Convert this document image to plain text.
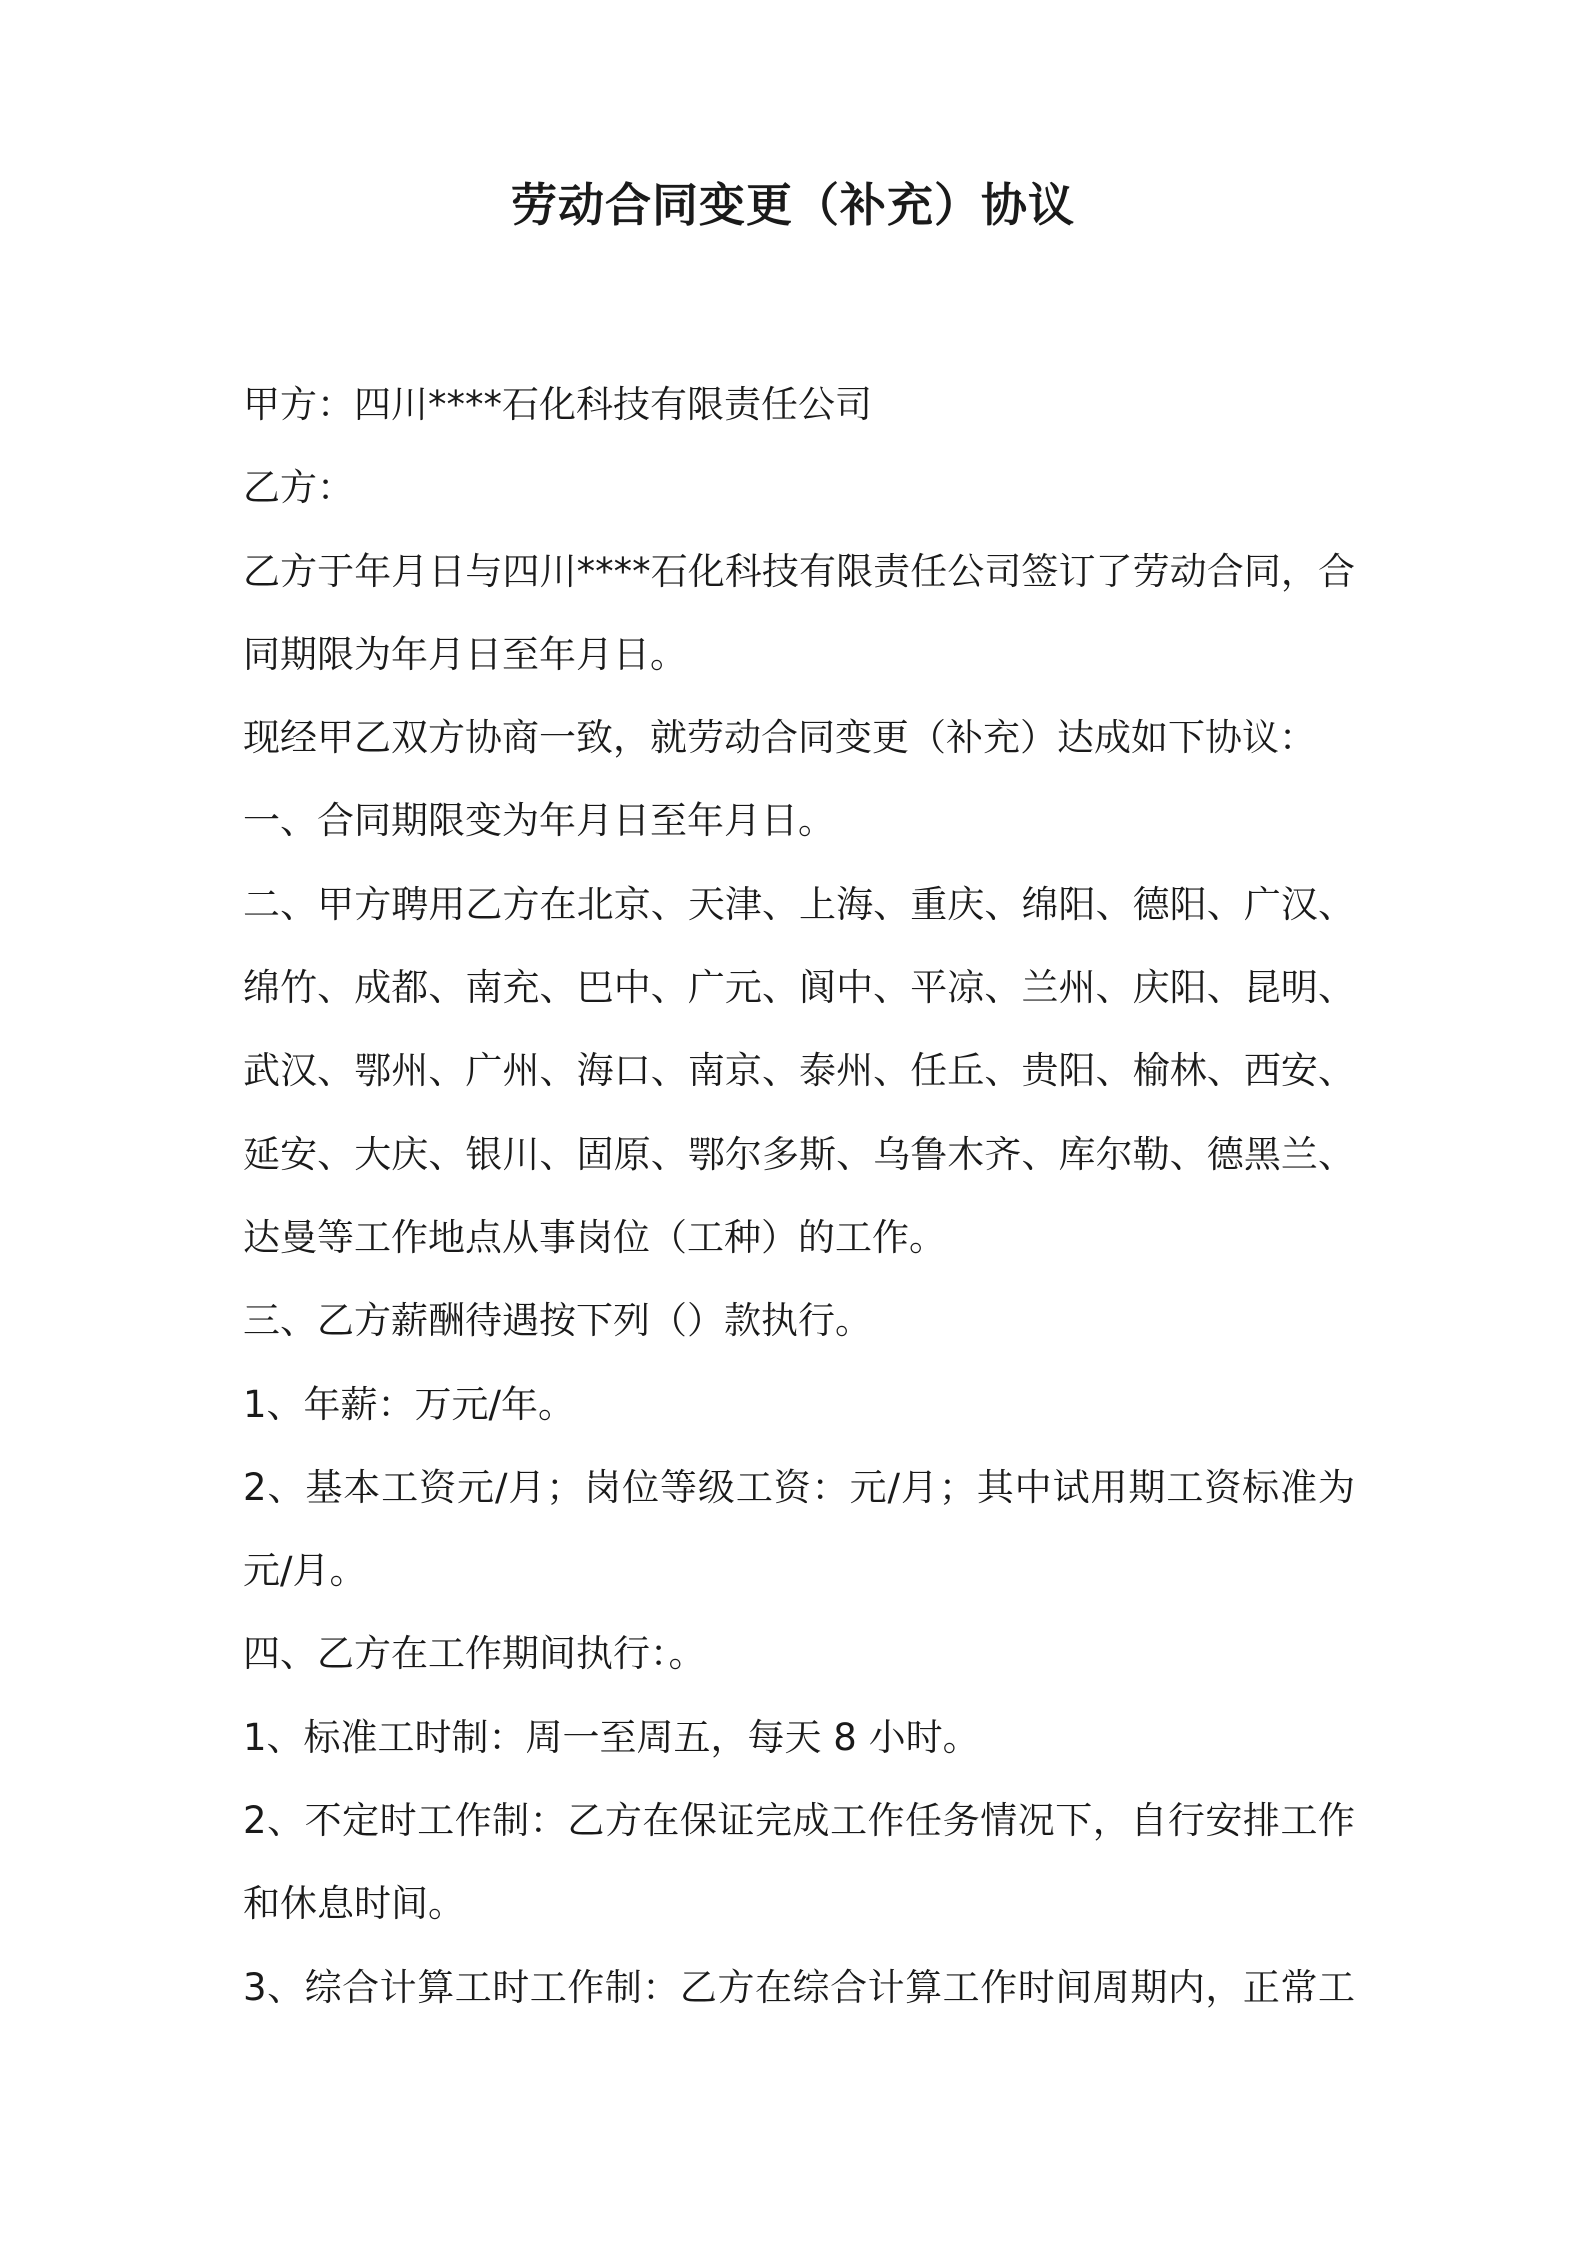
劳动合同变更（补充）协议
甲方：四川****石化科技有限责任公司
乙方：
乙方于年月日与四川****石化科技有限责任公司签订了劳动合同，合
同期限为年月日至年月日。
现经甲乙双方协商一致，就劳动合同变更（补充）达成如下协议：
一、合同期限变为年月日至年月日。
二、甲方聘用乙方在北京、天津、上海、重庆、绵阳、德阳、广汉、
绵竹、成都、南充、巴中、广元、阆中、平凉、兰州、庆阳、昆明、
武汉、鄂州、广州、海口、南京、泰州、任丘、贵阳、榆林、西安、
延安、大庆、银川、固原、鄂尔多斯、乌鲁木齐、库尔勒、德黑兰、
达曼等工作地点从事岗位（工种）的工作。
三、乙方薪酬待遇按下列（）款执行。
1、年薪：万元/年。
2、基本工资元/月；岗位等级工资：元/月；其中试用期工资标准为
元/月。
四、乙方在工作期间执行：。
1、标准工时制：周一至周五，每天 8 小时。
2、不定时工作制：乙方在保证完成工作任务情况下，自行安排工作
和休息时间。
3、综合计算工时工作制：乙方在综合计算工作时间周期内，正常工
